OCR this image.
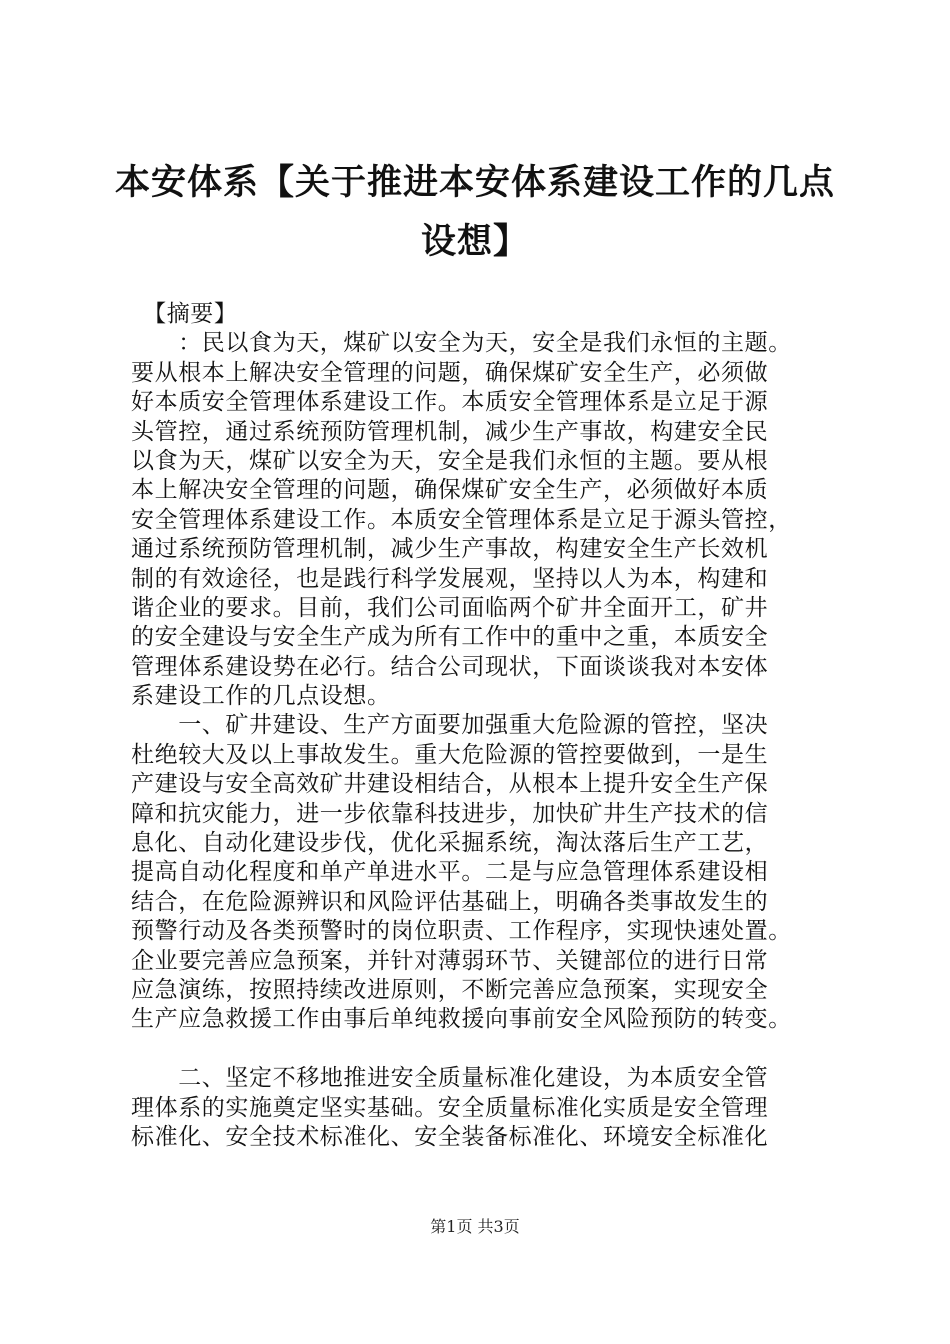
本安体系【关于推进本安体系建设工作的几点
设想】
　【摘要】
　　：民以食为天，煤矿以安全为天，安全是我们永恒的主题。
要从根本上解决安全管理的问题，确保煤矿安全生产，必须做
好本质安全管理体系建设工作。本质安全管理体系是立足于源
头管控，通过系统预防管理机制，减少生产事故，构建安全民
以食为天，煤矿以安全为天，安全是我们永恒的主题。要从根
本上解决安全管理的问题，确保煤矿安全生产，必须做好本质
安全管理体系建设工作。本质安全管理体系是立足于源头管控，
通过系统预防管理机制，减少生产事故，构建安全生产长效机
制的有效途径，也是践行科学发展观，坚持以人为本，构建和
谐企业的要求。目前，我们公司面临两个矿井全面开工，矿井
的安全建设与安全生产成为所有工作中的重中之重，本质安全
管理体系建设势在必行。结合公司现状，下面谈谈我对本安体
系建设工作的几点设想。
　　一、矿井建设、生产方面要加强重大危险源的管控，坚决
杜绝较大及以上事故发生。重大危险源的管控要做到，一是生
产建设与安全高效矿井建设相结合，从根本上提升安全生产保
障和抗灾能力，进一步依靠科技进步，加快矿井生产技术的信
息化、自动化建设步伐，优化采掘系统，淘汰落后生产工艺，
提高自动化程度和单产单进水平。二是与应急管理体系建设相
结合，在危险源辨识和风险评估基础上，明确各类事故发生的
预警行动及各类预警时的岗位职责、工作程序，实现快速处置。
企业要完善应急预案，并针对薄弱环节、关键部位的进行日常
应急演练，按照持续改进原则，不断完善应急预案，实现安全
生产应急救援工作由事后单纯救援向事前安全风险预防的转变。
　　二、坚定不移地推进安全质量标准化建设，为本质安全管
理体系的实施奠定坚实基础。安全质量标准化实质是安全管理
标准化、安全技术标准化、安全装备标准化、环境安全标准化
第1页 共3页
